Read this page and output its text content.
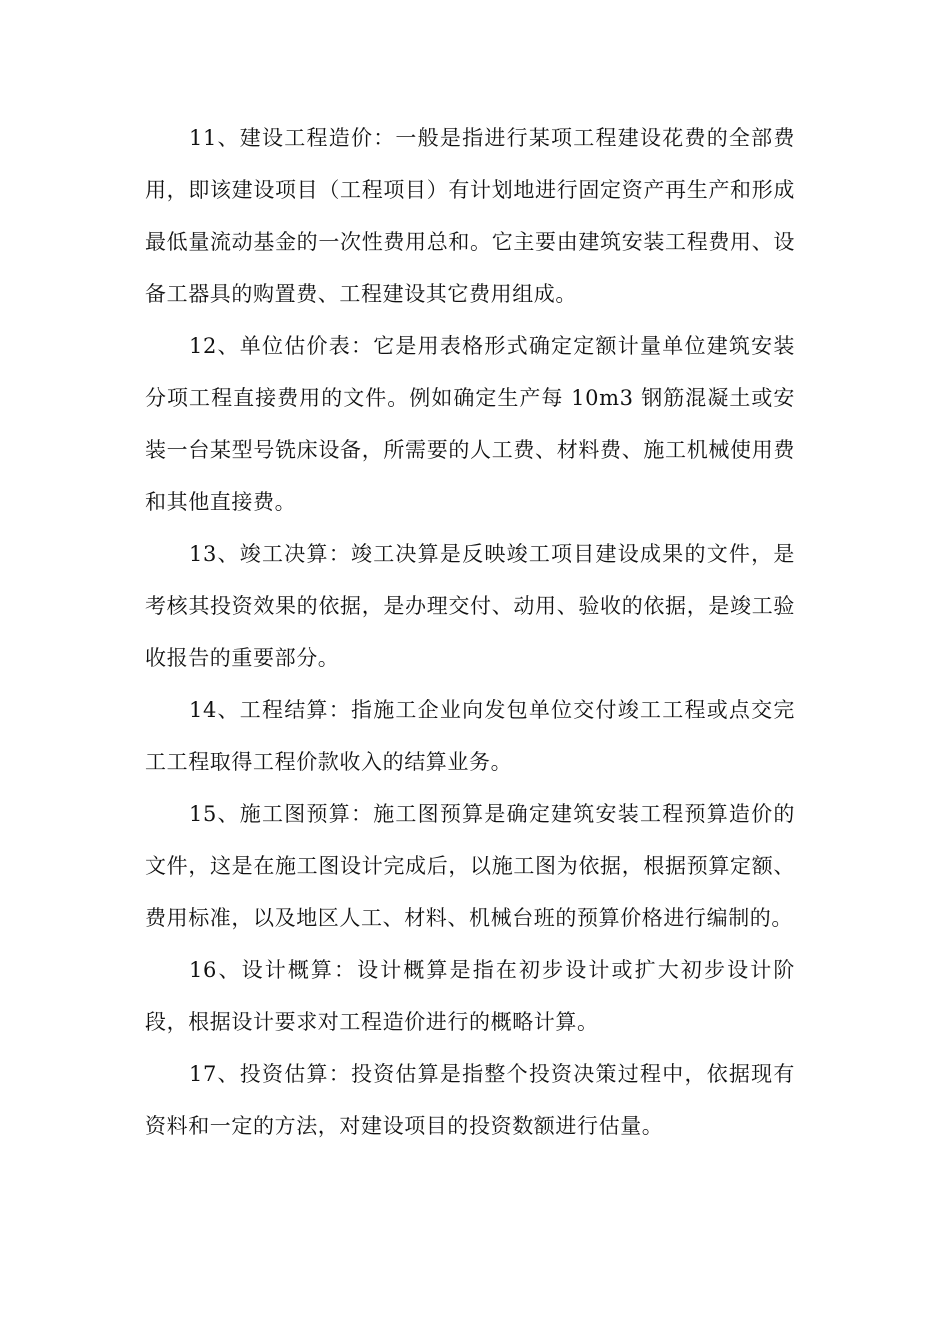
11、建设工程造价：一般是指进行某项工程建设花费的全部费用，即该建设项目（工程项目）有计划地进行固定资产再生产和形成最低量流动基金的一次性费用总和。它主要由建筑安装工程费用、设备工器具的购置费、工程建设其它费用组成。

12、单位估价表：它是用表格形式确定定额计量单位建筑安装分项工程直接费用的文件。例如确定生产每 10m3 钢筋混凝土或安装一台某型号铣床设备，所需要的人工费、材料费、施工机械使用费和其他直接费。

13、竣工决算：竣工决算是反映竣工项目建设成果的文件，是考核其投资效果的依据，是办理交付、动用、验收的依据，是竣工验收报告的重要部分。

14、工程结算：指施工企业向发包单位交付竣工工程或点交完工工程取得工程价款收入的结算业务。

15、施工图预算：施工图预算是确定建筑安装工程预算造价的文件，这是在施工图设计完成后，以施工图为依据，根据预算定额、费用标准，以及地区人工、材料、机械台班的预算价格进行编制的。

16、设计概算：设计概算是指在初步设计或扩大初步设计阶段，根据设计要求对工程造价进行的概略计算。

17、投资估算：投资估算是指整个投资决策过程中，依据现有资料和一定的方法，对建设项目的投资数额进行估量。
